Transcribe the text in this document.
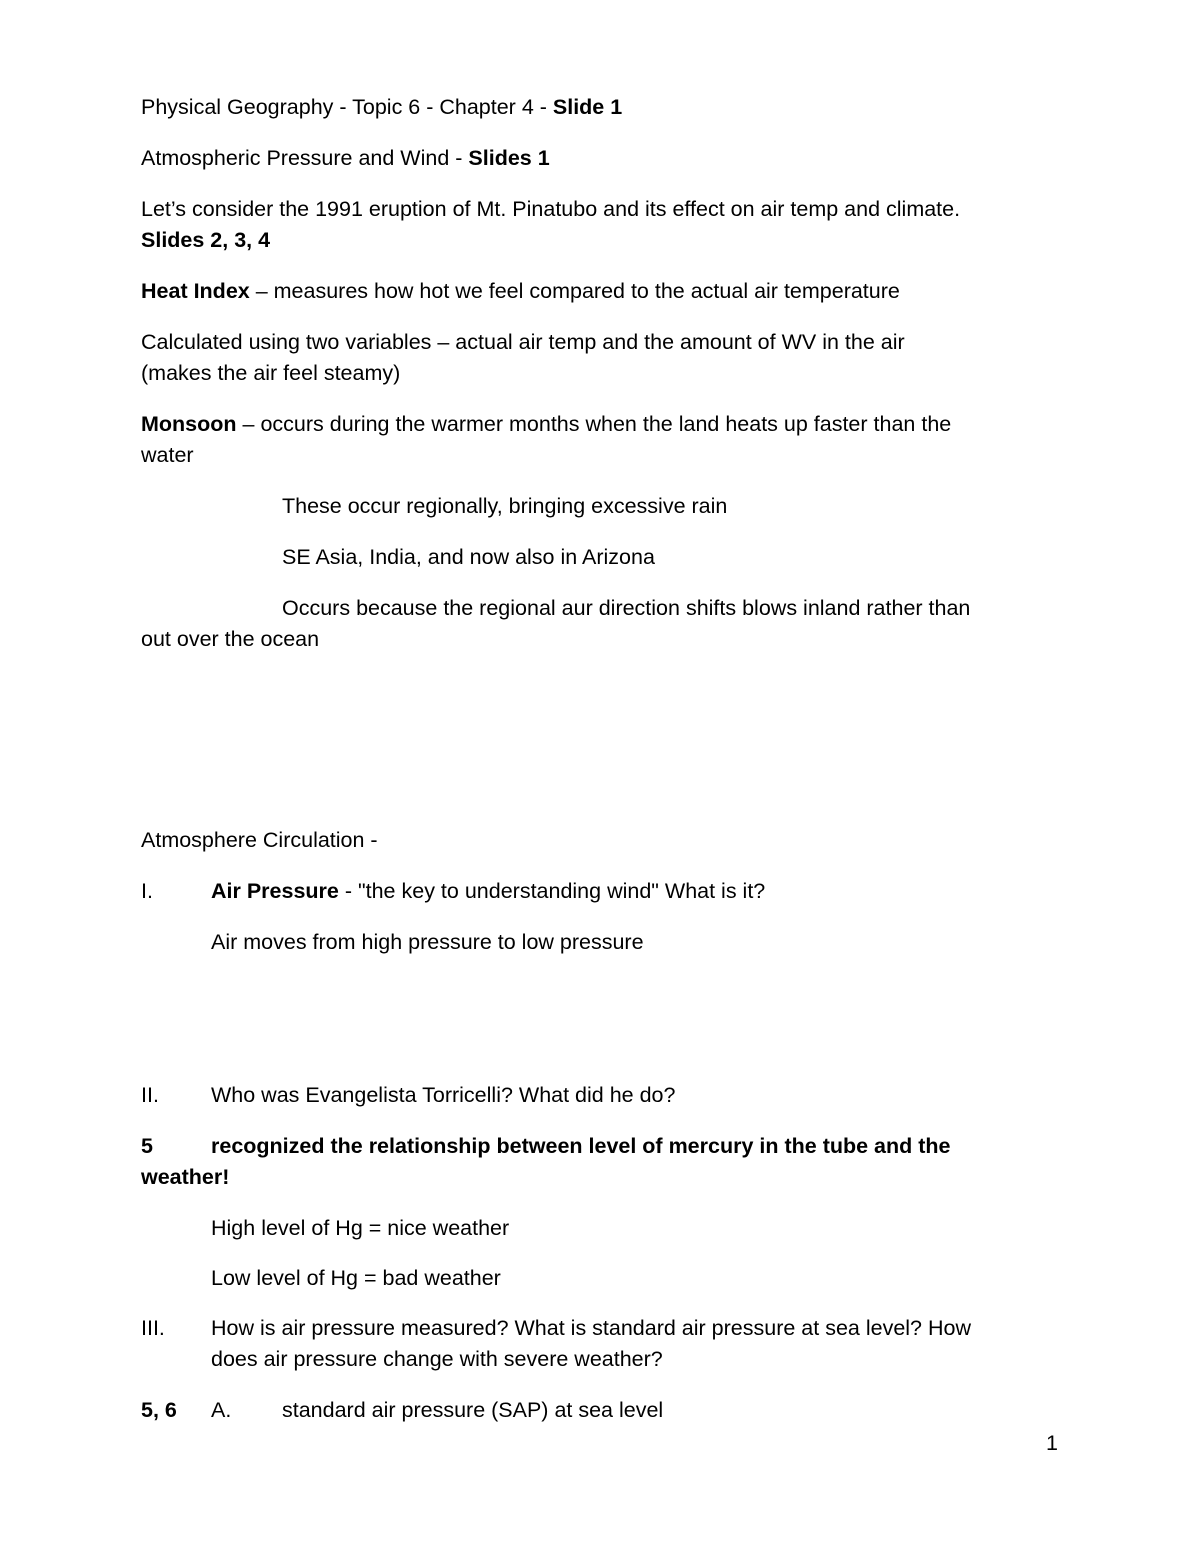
Physical Geography - Topic 6 - Chapter 4 - Slide 1
Atmospheric Pressure and Wind - Slides 1
Let’s consider the 1991 eruption of Mt. Pinatubo and its effect on air temp and climate.
Slides 2, 3, 4
Heat Index – measures how hot we feel compared to the actual air temperature
Calculated using two variables – actual air temp and the amount of WV in the air
(makes the air feel steamy)
Monsoon – occurs during the warmer months when the land heats up faster than the
water
These occur regionally, bringing excessive rain
SE Asia, India, and now also in Arizona
Occurs because the regional aur direction shifts blows inland rather than
out over the ocean
Atmosphere Circulation -
I.	Air Pressure - "the key to understanding wind" What is it?
Air moves from high pressure to low pressure
II. Who was Evangelista Torricelli? What did he do?
5	recognized the relationship between level of mercury in the tube and the
weather!
High level of Hg = nice weather
Low level of Hg = bad weather
III. How is air pressure measured? What is standard air pressure at sea level? How
does air pressure change with severe weather?
5, 6 A. standard air pressure (SAP) at sea level
1
